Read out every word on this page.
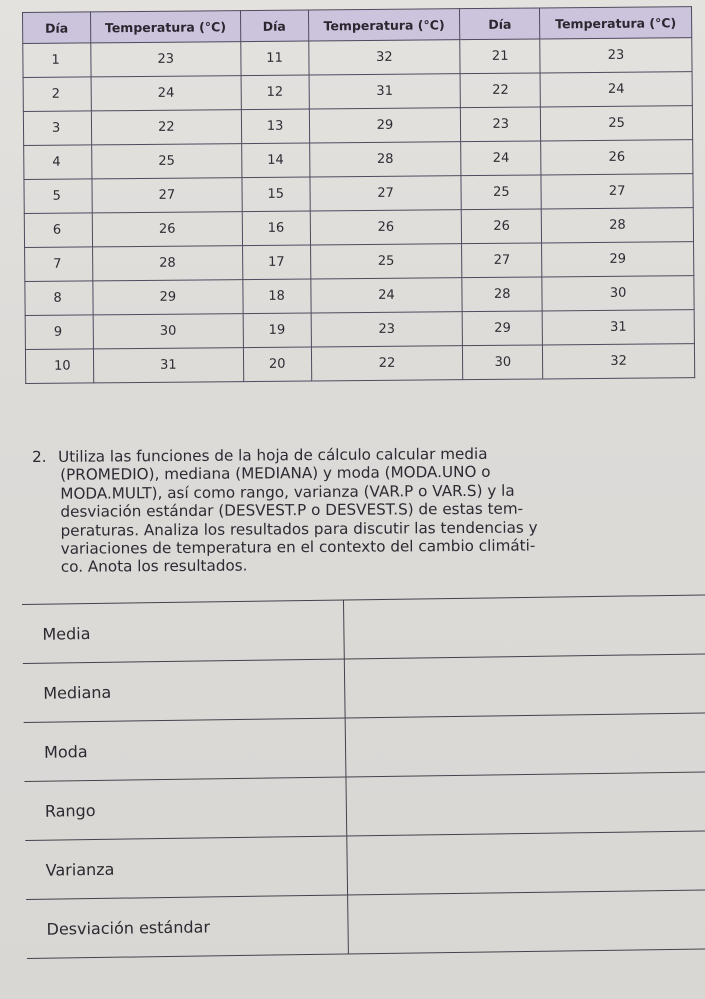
Día	Temperatura (°C)	Día	Temperatura (°C)	Día	Temperatura (°C)
1	23	11	32	21	23
2	24	12	31	22	24
3	22	13	29	23	25
4	25	14	28	24	26
5	27	15	27	25	27
6	26	16	26	26	28
7	28	17	25	27	29
8	29	18	24	28	30
9	30	19	23	29	31
10	31	20	22	30	32
2. Utiliza las funciones de la hoja de cálculo calcular media
(PROMEDIO), mediana (MEDIANA) y moda (MODA.UNO o
MODA.MULT), así como rango, varianza (VAR.P o VAR.S) y la
desviación estándar (DESVEST.P o DESVEST.S) de estas tem-
peraturas. Analiza los resultados para discutir las tendencias y
variaciones de temperatura en el contexto del cambio climáti-
co. Anota los resultados.
Media
Mediana
Moda
Rango
Varianza
Desviación estándar
